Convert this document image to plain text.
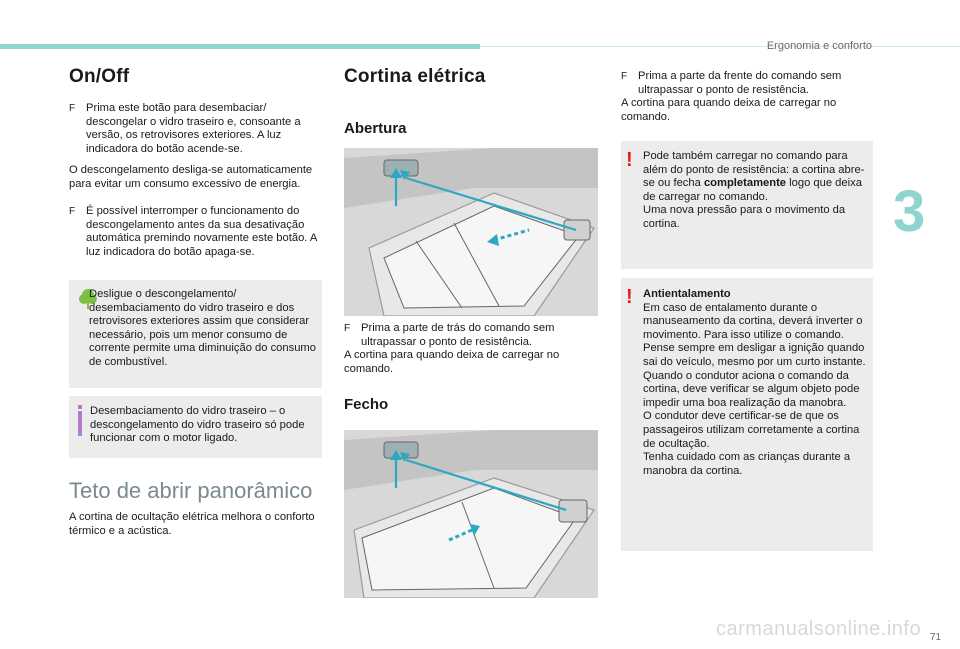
Ergonomia e conforto
3
On/Off
F Prima este botão para desembaciar/ descongelar o vidro traseiro e, consoante a versão, os retrovisores exteriores. A luz indicadora do botão acende-se.
O descongelamento desliga-se automaticamente para evitar um consumo excessivo de energia.
F É possível interromper o funcionamento do descongelamento antes da sua desativação automática premindo novamente este botão. A luz indicadora do botão apaga-se.
Desligue o descongelamento/ desembaciamento do vidro traseiro e dos retrovisores exteriores assim que considerar necessário, pois um menor consumo de corrente permite uma diminuição do consumo de combustível.
Desembaciamento do vidro traseiro – o descongelamento do vidro traseiro só pode funcionar com o motor ligado.
Teto de abrir panorâmico
A cortina de ocultação elétrica melhora o conforto térmico e a acústica.
Cortina elétrica
Abertura
F Prima a parte de trás do comando sem ultrapassar o ponto de resistência.
A cortina para quando deixa de carregar no comando.
Fecho
F Prima a parte da frente do comando sem ultrapassar o ponto de resistência.
A cortina para quando deixa de carregar no comando.
! Pode também carregar no comando para além do ponto de resistência: a cortina abre-se ou fecha completamente logo que deixa de carregar no comando.
Uma nova pressão para o movimento da cortina.
! Antientalamento
Em caso de entalamento durante o manuseamento da cortina, deverá inverter o movimento. Para isso utilize o comando.
Pense sempre em desligar a ignição quando sai do veículo, mesmo por um curto instante.
Quando o condutor aciona o comando da cortina, deve verificar se algum objeto pode impedir uma boa realização da manobra.
O condutor deve certificar-se de que os passageiros utilizam corretamente a cortina de ocultação.
Tenha cuidado com as crianças durante a manobra da cortina.
carmanualsonline.info 71
